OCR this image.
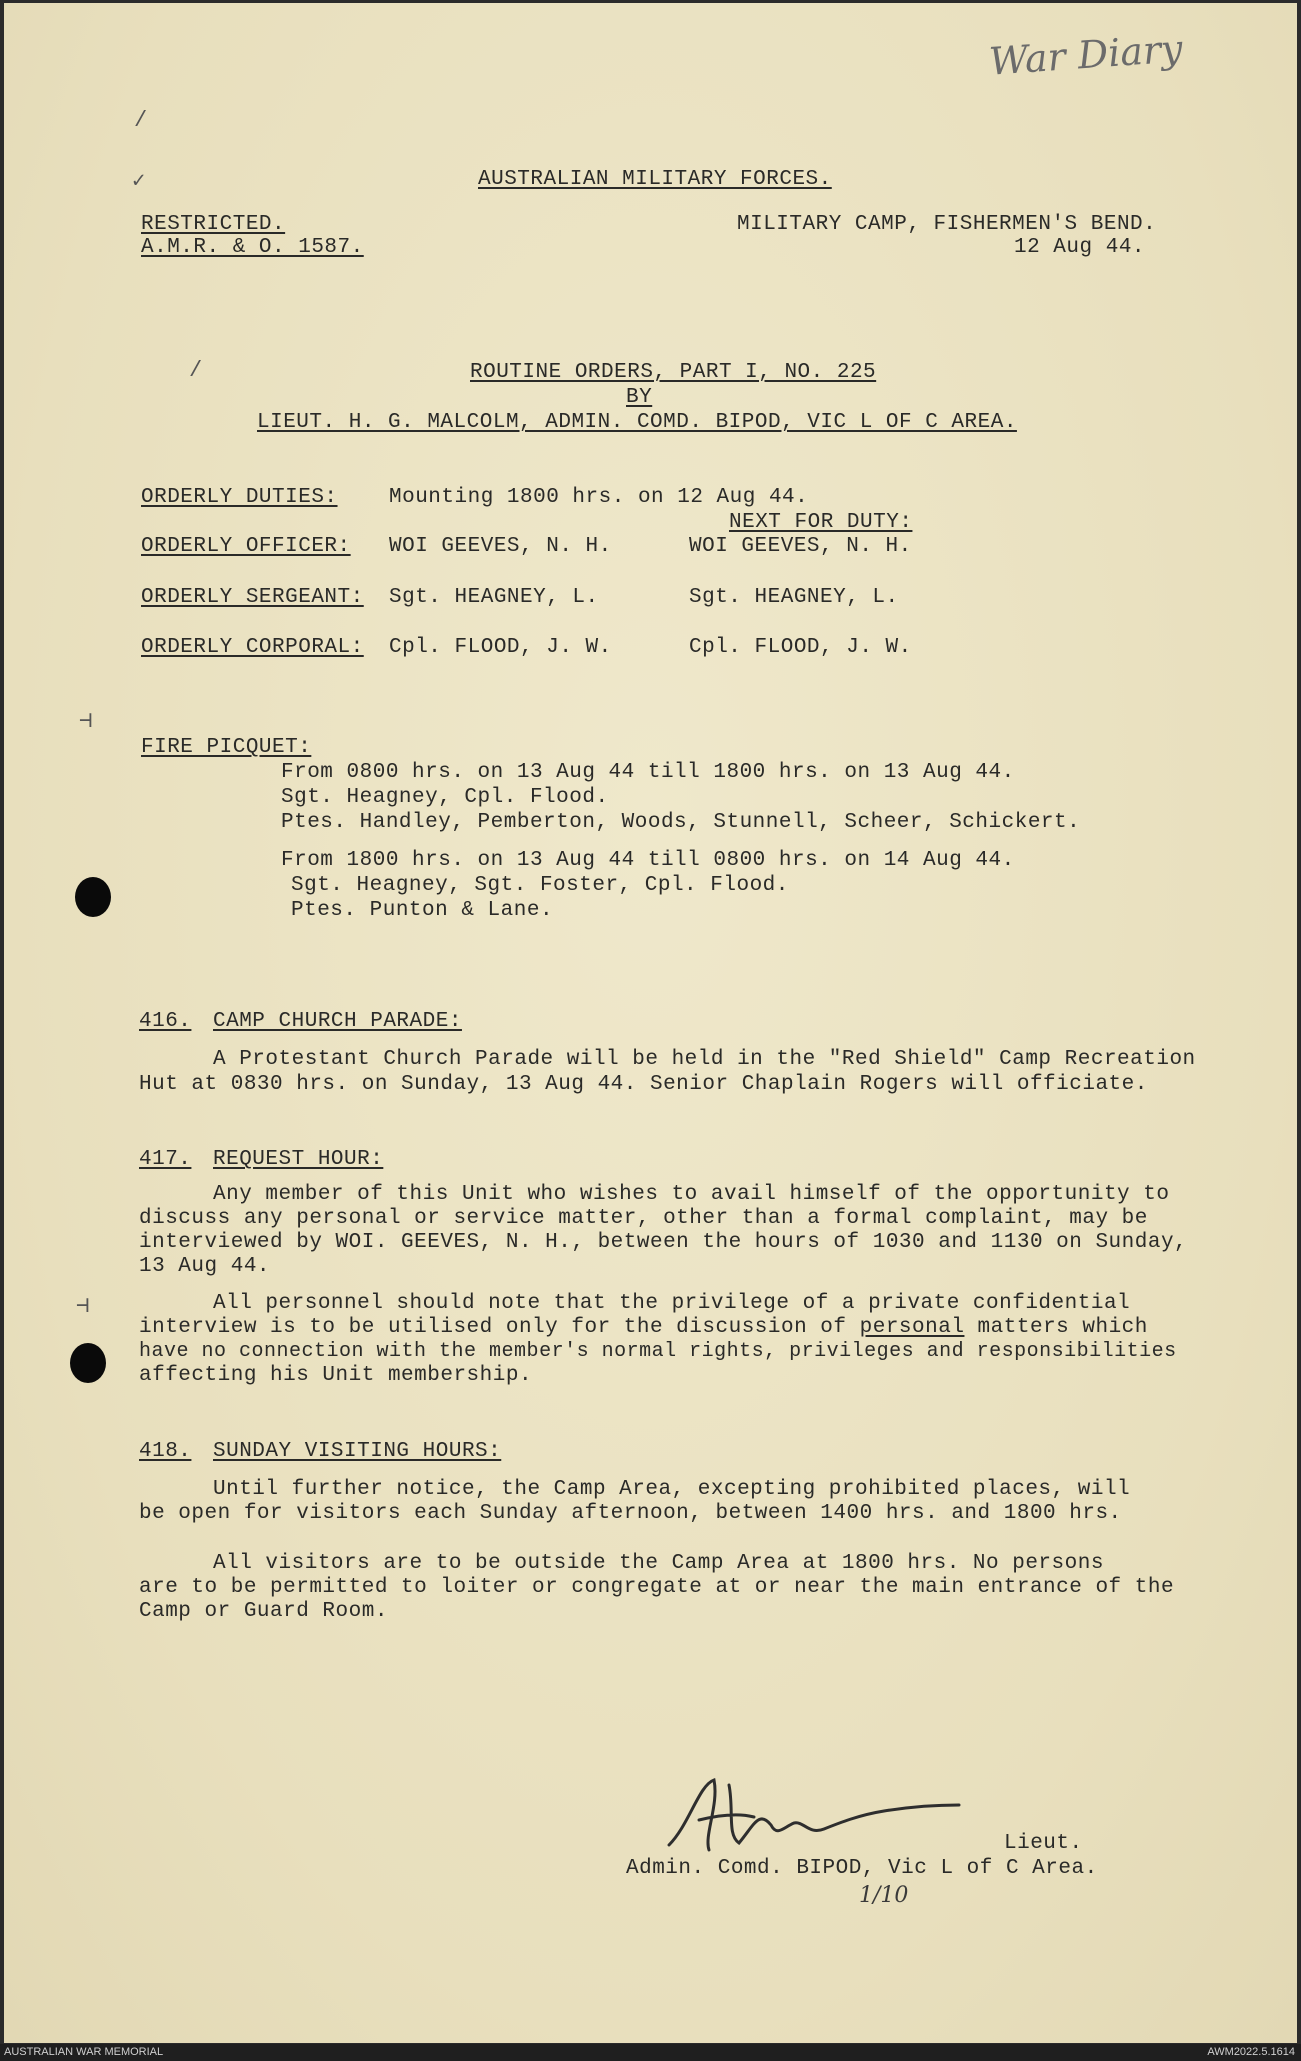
War Diary
/
✓
/
AUSTRALIAN MILITARY FORCES.
RESTRICTED.
A.M.R. & O. 1587.
MILITARY CAMP, FISHERMEN'S BEND.
12 Aug 44.
ROUTINE ORDERS, PART I, NO. 225
BY
LIEUT. H. G. MALCOLM, ADMIN. COMD. BIPOD, VIC L OF C AREA.
ORDERLY DUTIES: Mounting 1800 hrs. on 12 Aug 44.
NEXT FOR DUTY:
ORDERLY OFFICER: WOI GEEVES, N. H.	WOI GEEVES, N. H.
ORDERLY SERGEANT: Sgt. HEAGNEY, L.	Sgt. HEAGNEY, L.
ORDERLY CORPORAL: Cpl. FLOOD, J. W.	Cpl. FLOOD, J. W.
⊣
FIRE PICQUET:
From 0800 hrs. on 13 Aug 44 till 1800 hrs. on 13 Aug 44.
Sgt. Heagney, Cpl. Flood.
Ptes. Handley, Pemberton, Woods, Stunnell, Scheer, Schickert.
From 1800 hrs. on 13 Aug 44 till 0800 hrs. on 14 Aug 44.
Sgt. Heagney, Sgt. Foster, Cpl. Flood.
Ptes. Punton & Lane.
416. CAMP CHURCH PARADE:
A Protestant Church Parade will be held in the "Red Shield" Camp Recreation
Hut at 0830 hrs. on Sunday, 13 Aug 44. Senior Chaplain Rogers will officiate.
417. REQUEST HOUR:
Any member of this Unit who wishes to avail himself of the opportunity to
discuss any personal or service matter, other than a formal complaint, may be
interviewed by WOI. GEEVES, N. H., between the hours of 1030 and 1130 on Sunday,
13 Aug 44.
All personnel should note that the privilege of a private confidential
interview is to be utilised only for the discussion of personal matters which
have no connection with the member's normal rights, privileges and responsibilities
affecting his Unit membership.
⊣
418. SUNDAY VISITING HOURS:
Until further notice, the Camp Area, excepting prohibited places, will
be open for visitors each Sunday afternoon, between 1400 hrs. and 1800 hrs.
All visitors are to be outside the Camp Area at 1800 hrs. No persons
are to be permitted to loiter or congregate at or near the main entrance of the
Camp or Guard Room.
Lieut.
Admin. Comd. BIPOD, Vic L of C Area.
1/10
AUSTRALIAN WAR MEMORIAL	AWM2022.5.1614
